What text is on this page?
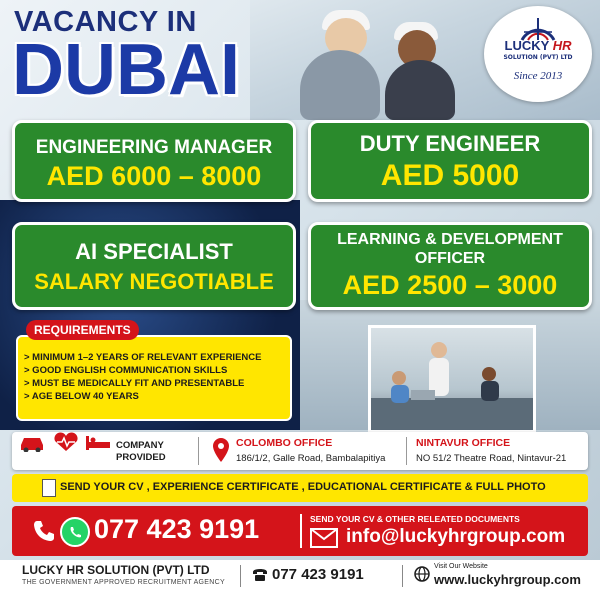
VACANCY IN
DUBAI	LUCKY HR
SOLUTION (PVT) LTD
Since 2013
ENGINEERING MANAGER
AED 6000 – 8000
DUTY ENGINEER
AED 5000
AI SPECIALIST
SALARY NEGOTIABLE
LEARNING & DEVELOPMENT OFFICER
AED 2500 – 3000
> MINIMUM 1–2 YEARS OF RELEVANT EXPERIENCE
> GOOD ENGLISH COMMUNICATION SKILLS
> MUST BE MEDICALLY FIT AND PRESENTABLE
> AGE BELOW 40 YEARS
REQUIREMENTS
COMPANY
PROVIDED
COLOMBO OFFICE
186/1/2, Galle Road, Bambalapitiya
NINTAVUR OFFICE
NO 51/2 Theatre Road, Nintavur-21
SEND YOUR CV , EXPERIENCE CERTIFICATE , EDUCATIONAL CERTIFICATE & FULL PHOTO
077 423 9191	SEND YOUR CV & OTHER RELEATED DOCUMENTS
info@luckyhrgroup.com
LUCKY HR SOLUTION (PVT) LTD
THE GOVERNMENT APPROVED RECRUITMENT AGENCY	077 423 9191	Visit Our Website
www.luckyhrgroup.com
